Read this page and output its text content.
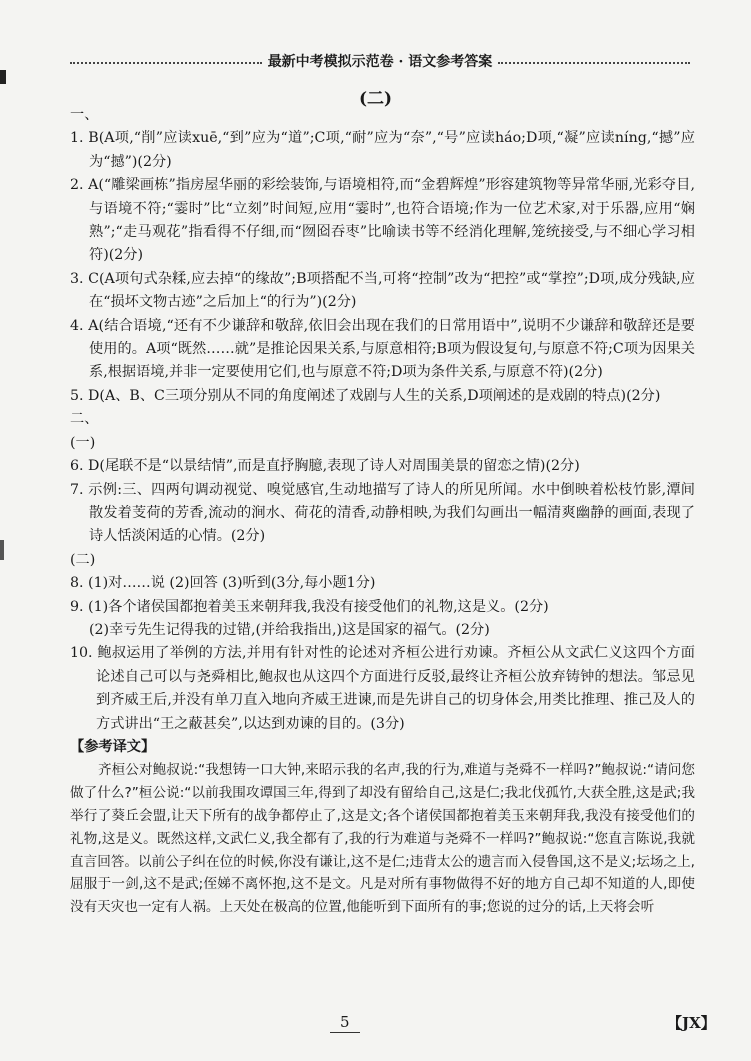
最新中考模拟示范卷 · 语文参考答案
(二)

一、

1. B(A项,“削”应读xuē,“到”应为“道”;C项,“耐”应为“奈”,“号”应读háo;D项,“凝”应读níng,“撼”应为“撼”)(2分)

2. A(“雕梁画栋”指房屋华丽的彩绘装饰,与语境相符,而“金碧辉煌”形容建筑物等异常华丽,光彩夺目,与语境不符;“霎时”比“立刻”时间短,应用“霎时”,也符合语境;作为一位艺术家,对于乐器,应用“娴熟”;“走马观花”指看得不仔细,而“囫囵吞枣”比喻读书等不经消化理解,笼统接受,与不细心学习相符)(2分)

3. C(A项句式杂糅,应去掉“的缘故”;B项搭配不当,可将“控制”改为“把控”或“掌控”;D项,成分残缺,应在“损坏文物古迹”之后加上“的行为”)(2分)

4. A(结合语境,“还有不少谦辞和敬辞,依旧会出现在我们的日常用语中”,说明不少谦辞和敬辞还是要使用的。A项“既然……就”是推论因果关系,与原意相符;B项为假设复句,与原意不符;C项为因果关系,根据语境,并非一定要使用它们,也与原意不符;D项为条件关系,与原意不符)(2分)

5. D(A、B、C三项分别从不同的角度阐述了戏剧与人生的关系,D项阐述的是戏剧的特点)(2分)

二、

(一)

6. D(尾联不是“以景结情”,而是直抒胸臆,表现了诗人对周围美景的留恋之情)(2分)

7. 示例:三、四两句调动视觉、嗅觉感官,生动地描写了诗人的所见所闻。水中倒映着松枝竹影,潭间散发着芰荷的芳香,流动的涧水、荷花的清香,动静相映,为我们勾画出一幅清爽幽静的画面,表现了诗人恬淡闲适的心情。(2分)

(二)

8. (1)对……说 (2)回答 (3)听到(3分,每小题1分)

9. (1)各个诸侯国都抱着美玉来朝拜我,我没有接受他们的礼物,这是义。(2分)

(2)幸亏先生记得我的过错,(并给我指出,)这是国家的福气。(2分)

10. 鲍叔运用了举例的方法,并用有针对性的论述对齐桓公进行劝谏。齐桓公从文武仁义这四个方面论述自己可以与尧舜相比,鲍叔也从这四个方面进行反驳,最终让齐桓公放弃铸钟的想法。邹忌见到齐威王后,并没有单刀直入地向齐威王进谏,而是先讲自己的切身体会,用类比推理、推己及人的方式讲出“王之蔽甚矣”,以达到劝谏的目的。(3分)

【参考译文】

齐桓公对鲍叔说:“我想铸一口大钟,来昭示我的名声,我的行为,难道与尧舜不一样吗?”鲍叔说:“请问您做了什么?”桓公说:“以前我围攻谭国三年,得到了却没有留给自己,这是仁;我北伐孤竹,大获全胜,这是武;我举行了葵丘会盟,让天下所有的战争都停止了,这是文;各个诸侯国都抱着美玉来朝拜我,我没有接受他们的礼物,这是义。既然这样,文武仁义,我全都有了,我的行为难道与尧舜不一样吗?”鲍叔说:“您直言陈说,我就直言回答。以前公子纠在位的时候,你没有谦让,这不是仁;违背太公的遗言而入侵鲁国,这不是义;坛场之上,屈服于一剑,这不是武;侄娣不离怀抱,这不是文。凡是对所有事物做得不好的地方自己却不知道的人,即使没有天灾也一定有人祸。上天处在极高的位置,他能听到下面所有的事;您说的过分的话,上天将会听

5	【JX】
